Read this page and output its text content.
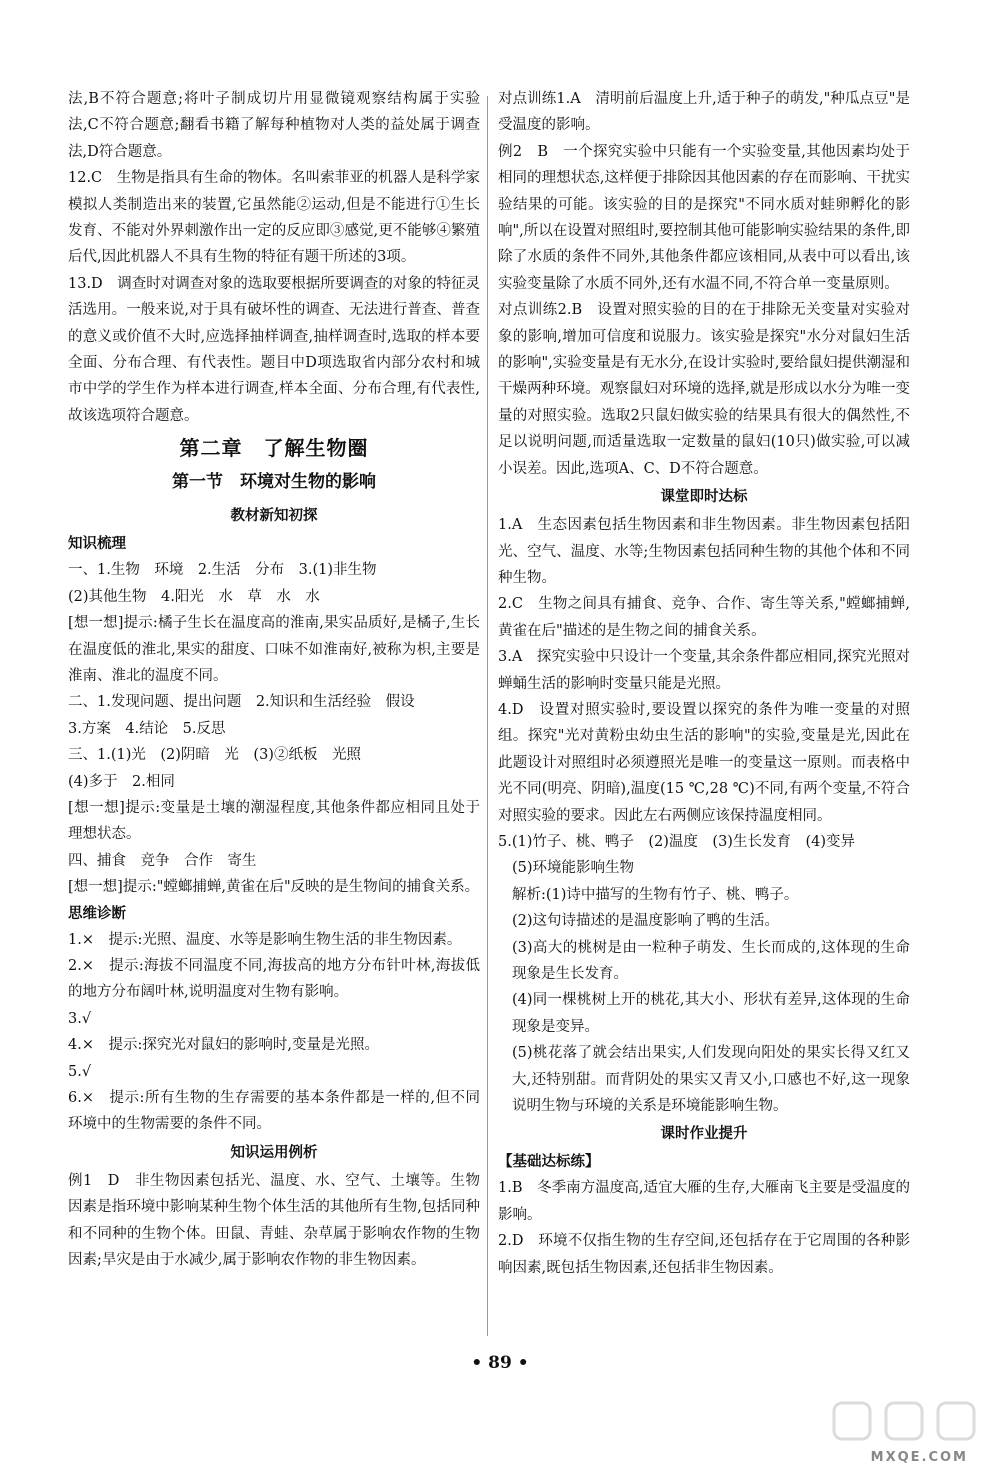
法,B不符合题意;将叶子制成切片用显微镜观察结构属于实验法,C不符合题意;翻看书籍了解每种植物对人类的益处属于调查法,D符合题意。

12.C　生物是指具有生命的物体。名叫索菲亚的机器人是科学家模拟人类制造出来的装置,它虽然能②运动,但是不能进行①生长发育、不能对外界刺激作出一定的反应即③感觉,更不能够④繁殖后代,因此机器人不具有生物的特征有题干所述的3项。

13.D　调查时对调查对象的选取要根据所要调查的对象的特征灵活选用。一般来说,对于具有破坏性的调查、无法进行普查、普查的意义或价值不大时,应选择抽样调查,抽样调查时,选取的样本要全面、分布合理、有代表性。题目中D项选取省内部分农村和城市中学的学生作为样本进行调查,样本全面、分布合理,有代表性,故该选项符合题意。

第二章　了解生物圈
第一节　环境对生物的影响
教材新知初探
知识梳理

一、1.生物　环境　2.生活　分布　3.(1)非生物

(2)其他生物　4.阳光　水　草　水　水

[想一想]提示:橘子生长在温度高的淮南,果实品质好,是橘子,生长在温度低的淮北,果实的甜度、口味不如淮南好,被称为枳,主要是淮南、淮北的温度不同。

二、1.发现问题、提出问题　2.知识和生活经验　假设

3.方案　4.结论　5.反思

三、1.(1)光　(2)阴暗　光　(3)②纸板　光照

(4)多于　2.相同

[想一想]提示:变量是土壤的潮湿程度,其他条件都应相同且处于理想状态。

四、捕食　竞争　合作　寄生

[想一想]提示:"螳螂捕蝉,黄雀在后"反映的是生物间的捕食关系。

思维诊断

1.×　提示:光照、温度、水等是影响生物生活的非生物因素。

2.×　提示:海拔不同温度不同,海拔高的地方分布针叶林,海拔低的地方分布阔叶林,说明温度对生物有影响。

3.√

4.×　提示:探究光对鼠妇的影响时,变量是光照。

5.√

6.×　提示:所有生物的生存需要的基本条件都是一样的,但不同环境中的生物需要的条件不同。

知识运用例析

例1　D　非生物因素包括光、温度、水、空气、土壤等。生物因素是指环境中影响某种生物个体生活的其他所有生物,包括同种和不同种的生物个体。田鼠、青蛙、杂草属于影响农作物的生物因素;旱灾是由于水减少,属于影响农作物的非生物因素。

对点训练1.A　清明前后温度上升,适于种子的萌发,"种瓜点豆"是受温度的影响。

例2　B　一个探究实验中只能有一个实验变量,其他因素均处于相同的理想状态,这样便于排除因其他因素的存在而影响、干扰实验结果的可能。该实验的目的是探究"不同水质对蛙卵孵化的影响",所以在设置对照组时,要控制其他可能影响实验结果的条件,即除了水质的条件不同外,其他条件都应该相同,从表中可以看出,该实验变量除了水质不同外,还有水温不同,不符合单一变量原则。

对点训练2.B　设置对照实验的目的在于排除无关变量对实验对象的影响,增加可信度和说服力。该实验是探究"水分对鼠妇生活的影响",实验变量是有无水分,在设计实验时,要给鼠妇提供潮湿和干燥两种环境。观察鼠妇对环境的选择,就是形成以水分为唯一变量的对照实验。选取2只鼠妇做实验的结果具有很大的偶然性,不足以说明问题,而适量选取一定数量的鼠妇(10只)做实验,可以减小误差。因此,选项A、C、D不符合题意。

课堂即时达标

1.A　生态因素包括生物因素和非生物因素。非生物因素包括阳光、空气、温度、水等;生物因素包括同种生物的其他个体和不同种生物。

2.C　生物之间具有捕食、竞争、合作、寄生等关系,"螳螂捕蝉,黄雀在后"描述的是生物之间的捕食关系。

3.A　探究实验中只设计一个变量,其余条件都应相同,探究光照对蝉蛹生活的影响时变量只能是光照。

4.D　设置对照实验时,要设置以探究的条件为唯一变量的对照组。探究"光对黄粉虫幼虫生活的影响"的实验,变量是光,因此在此题设计对照组时必须遵照光是唯一的变量这一原则。而表格中光不同(明亮、阴暗),温度(15 ℃,28 ℃)不同,有两个变量,不符合对照实验的要求。因此左右两侧应该保持温度相同。

5.(1)竹子、桃、鸭子　(2)温度　(3)生长发育　(4)变异

(5)环境能影响生物

解析:(1)诗中描写的生物有竹子、桃、鸭子。

(2)这句诗描述的是温度影响了鸭的生活。

(3)高大的桃树是由一粒种子萌发、生长而成的,这体现的生命现象是生长发育。

(4)同一棵桃树上开的桃花,其大小、形状有差异,这体现的生命现象是变异。

(5)桃花落了就会结出果实,人们发现向阳处的果实长得又红又大,还特别甜。而背阴处的果实又青又小,口感也不好,这一现象说明生物与环境的关系是环境能影响生物。

课时作业提升
【基础达标练】

1.B　冬季南方温度高,适宜大雁的生存,大雁南飞主要是受温度的影响。

2.D　环境不仅指生物的生存空间,还包括存在于它周围的各种影响因素,既包括生物因素,还包括非生物因素。

• 89 •
MXQE.COM
